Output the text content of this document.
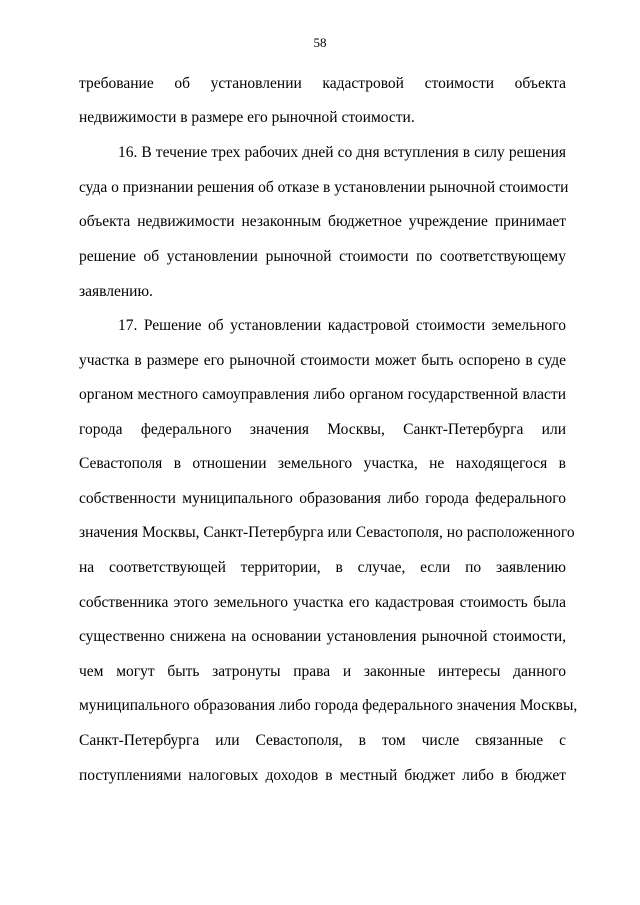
58
требование об установлении кадастровой стоимости объекта
недвижимости в размере его рыночной стоимости.
16. В течение трех рабочих дней со дня вступления в силу решения
суда о признании решения об отказе в установлении рыночной стоимости
объекта недвижимости незаконным бюджетное учреждение принимает
решение об установлении рыночной стоимости по соответствующему
заявлению.
17. Решение об установлении кадастровой стоимости земельного
участка в размере его рыночной стоимости может быть оспорено в суде
органом местного самоуправления либо органом государственной власти
города федерального значения Москвы, Санкт-Петербурга или
Севастополя в отношении земельного участка, не находящегося в
собственности муниципального образования либо города федерального
значения Москвы, Санкт-Петербурга или Севастополя, но расположенного
на соответствующей территории, в случае, если по заявлению
собственника этого земельного участка его кадастровая стоимость была
существенно снижена на основании установления рыночной стоимости,
чем могут быть затронуты права и законные интересы данного
муниципального образования либо города федерального значения Москвы,
Санкт-Петербурга или Севастополя, в том числе связанные с
поступлениями налоговых доходов в местный бюджет либо в бюджет
